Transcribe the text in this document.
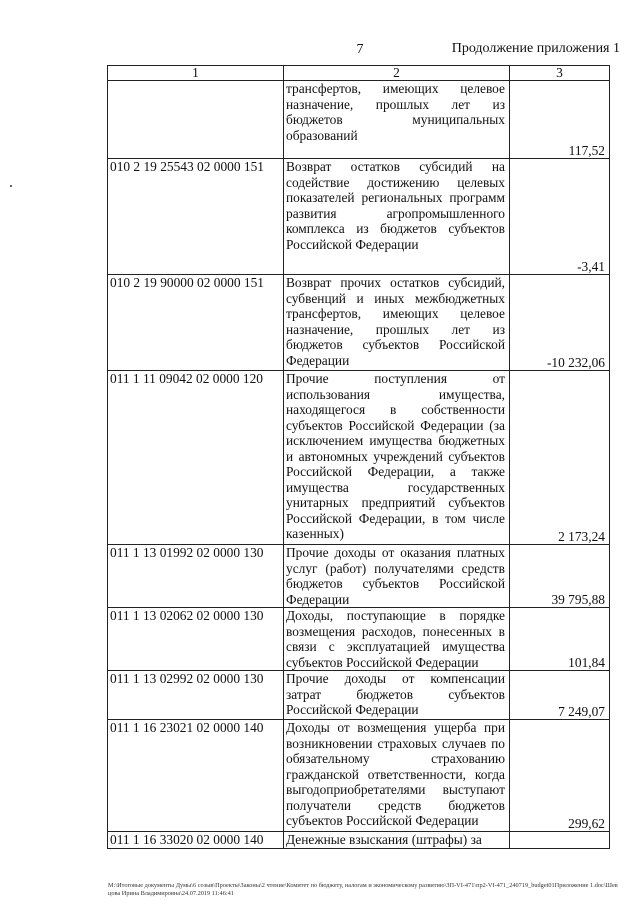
7	Продолжение приложения 1
1	2	3
	трансфертов, имеющих целевое назначение, прошлых лет из бюджетов муниципальных образований	117,52
010 2 19 25543 02 0000 151	Возврат остатков субсидий на содействие достижению целевых показателей региональных программ развития агропромышленного комплекса из бюджетов субъектов Российской Федерации	-3,41
010 2 19 90000 02 0000 151	Возврат прочих остатков субсидий, субвенций и иных межбюджетных трансфертов, имеющих целевое назначение, прошлых лет из бюджетов субъектов Российской Федерации	-10 232,06
011 1 11 09042 02 0000 120	Прочие поступления от использования имущества, находящегося в собственности субъектов Российской Федерации (за исключением имущества бюджетных и автономных учреждений субъектов Российской Федерации, а также имущества государственных унитарных предприятий субъектов Российской Федерации, в том числе казенных)	2 173,24
011 1 13 01992 02 0000 130	Прочие доходы от оказания платных услуг (работ) получателями средств бюджетов субъектов Российской Федерации	39 795,88
011 1 13 02062 02 0000 130	Доходы, поступающие в порядке возмещения расходов, понесенных в связи с эксплуатацией имущества субъектов Российской Федерации	101,84
011 1 13 02992 02 0000 130	Прочие доходы от компенсации затрат бюджетов субъектов Российской Федерации	7 249,07
011 1 16 23021 02 0000 140	Доходы от возмещения ущерба при возникновении страховых случаев по обязательному страхованию гражданской ответственности, когда выгодоприобретателями выступают получатели средств бюджетов субъектов Российской Федерации	299,62
011 1 16 33020 02 0000 140	Денежные взыскания (штрафы) за	
M:\Итоговые документы Думы\6 созыв\Проекты\Законы\2 чтение\Комитет по бюджету, налогам и экономическому развитию\ЗП-VI-471\пр2-VI-471_240719_budget01Приложение 1.doc\Шевцова Ирина Владимировна\24.07.2019 11:46:41
